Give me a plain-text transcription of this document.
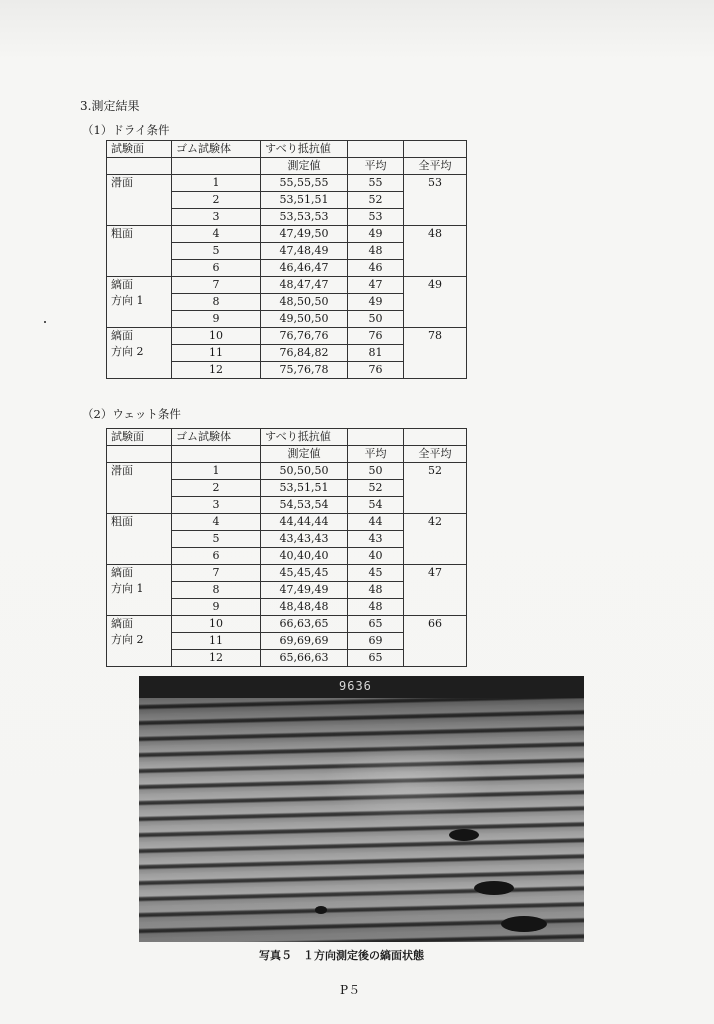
3.測定結果
（1）ドライ条件
試験面	ゴム試験体	すべり抵抗値		
		測定値	平均	全平均
滑面	1	55,55,55	55	53
	2	53,51,51	52	
	3	53,53,53	53	
粗面	4	47,49,50	49	48
	5	47,48,49	48	
	6	46,46,47	46	
縞面
方向 1	7	48,47,47	47	49
	8	48,50,50	49	
	9	49,50,50	50	
縞面
方向 2	10	76,76,76	76	78
	11	76,84,82	81	
	12	75,76,78	76	
（2）ウェット条件
試験面	ゴム試験体	すべり抵抗値		
		測定値	平均	全平均
滑面	1	50,50,50	50	52
	2	53,51,51	52	
	3	54,53,54	54	
粗面	4	44,44,44	44	42
	5	43,43,43	43	
	6	40,40,40	40	
縞面
方向 1	7	45,45,45	45	47
	8	47,49,49	48	
	9	48,48,48	48	
縞面
方向 2	10	66,63,65	65	66
	11	69,69,69	69	
	12	65,66,63	65	
9636
写真５　１方向測定後の縞面状態
P５
